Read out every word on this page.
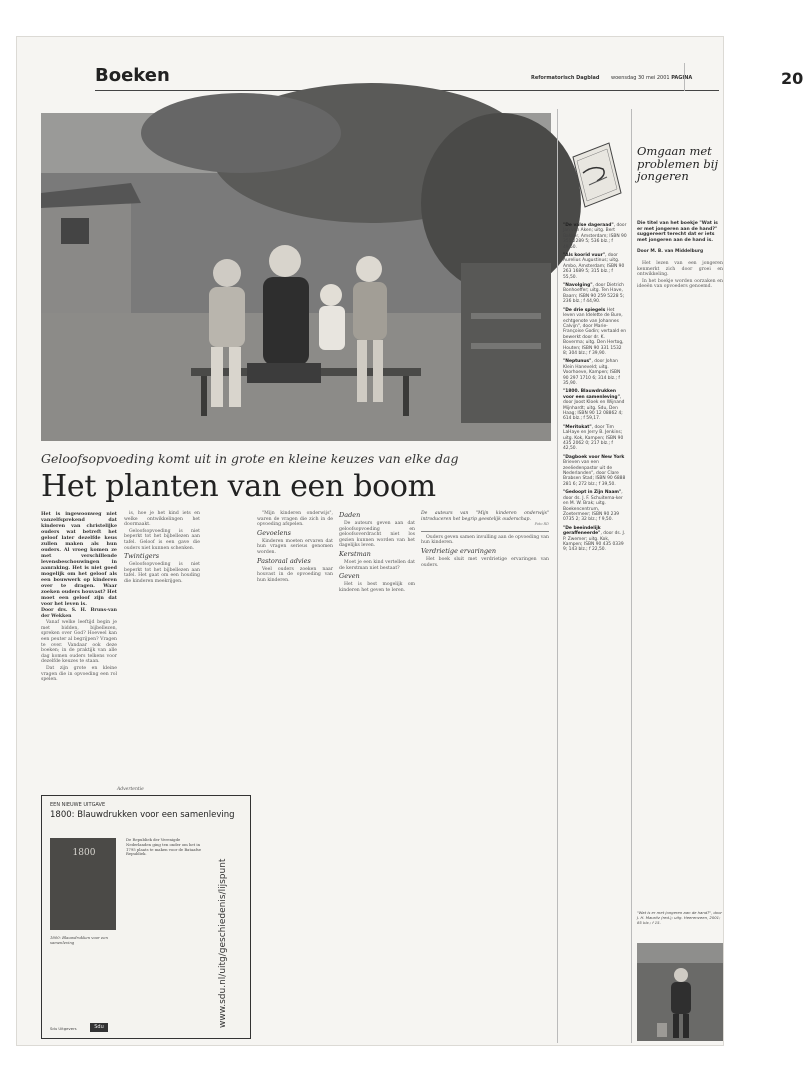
Boeken	Reformatorisch Dagblad woensdag 30 mei 2001 PAGINA	20
Geloofsopvoeding komt uit in grote en kleine keuzes van elke dag
Het planten van een boom

Het is ingewoonweg niet vanzelfsprekend dat kinderen van christelijke ouders wat betreft het geloof later dezelfde keus zullen maken als hun ouders. Al vroeg komen ze met verschillende levensbeschouwingen in aanraking. Het is niet goed mogelijk om het geloof als een bouwwerk op kinderen over te dragen. Waar zoeken ouders houvast? Het moet een geloof zijn dat voor het leven is.

Door drs. S. H. Bruns-van der Wekken

Vanaf welke leeftijd begin je met bidden, bijbellezen, spreken over God? Hoeveel kan een peuter al begrijpen? Vragen te over. Vandaar ook deze boeken; in de praktijk van alle dag komen ouders telkens voor dezelfde keuzes te staan.

Dat zijn grote en kleine vragen die in opvoeding een rol spelen.

is, hoe je het kind iets en welke ontwikkelingen het doormaakt.

Geloofsopvoeding is niet beperkt tot het bijbellezen aan tafel. Geloof is een gave die ouders niet kunnen schenken.

Twintigers

Geloofsopvoeding is niet beperkt tot het bijbellezen aan tafel. Het gaat om een houding die kinderen meekrijgen.

"Mijn kinderen onderwijs", waren de vragen die zich in de opvoeding afspelen.

Gevoelens

Kinderen moeten ervaren dat hun vragen serieus genomen worden.

Pastoraal advies

Veel ouders zoeken naar houvast in de opvoeding van hun kinderen.

Daden

De auteurs geven aan dat geloofsopvoeding en geloofsoverdracht niet los gezien kunnen worden van het dagelijks leven.

Kerstman

Moet je een kind vertellen dat de kerstman niet bestaat?

Geven

Het is best mogelijk om kinderen het geven te leren.

De auteurs van "Mijn kinderen onderwijs" introduceren het begrip geestelijk ouderschap.
Foto RD

Ouders geven samen invulling aan de opvoeding van hun kinderen.

Verdrietige ervaringen

Het boek sluit met verdrietige ervaringen van ouders.

Advertentie
EEN NIEUWE UITGAVE
1800: Blauwdrukken voor een samenleving
1800
1800: Blauwdrukken voor een samenleving
De Republiek der Verenigde Nederlanden ging ten onder om het in 1795 plaats te maken voor de Bataafse Republiek.
www.sdu.nl/uitg/geschiedenis/lijspunt
Sdu Uitgevers	Sdu
"De valse dageraad", door Jan van Aken; uitg. Bert Bakker, Amsterdam; ISBN 90 351 2289 5; 536 blz.; f 49,50.
"Als koorid vuur", door Aurelius Augustinus; uitg. Ambo, Amsterdam; ISBN 90 263 1689 5; 315 blz.; f 55,50.
"Navolging", door Dietrich Bonhoeffer; uitg. Ten Have, Baarn; ISBN 90 259 5228 5; 236 blz.; f 44,90.
"De drie spiegels Het leven van Idelette de Bure, echtgenote van Johannes Calvijn", door Marie-Françoise Godin; vertaald en bewerkt door dr. K. Boverma; uitg. Den Hertog, Houten; ISBN 90 331 1532 8; 304 blz.; f 39,90.
"Neptunus", door Johan Klein Haneveld; uitg. Voorhoeve, Kampen; ISBN 90 297 1710 6; 314 blz.; f 35,90.
"1800. Blauwdrukken voor een samenleving", door Joost Kloek en Wijnand Mijnhardt; uitg. Sdu, Den Haag; ISBN 90 12 08862 4; 614 blz.; f 59,17.
"Meritokat", door Tim LaHaye en Jerry B. Jenkins; uitg. Kok, Kampen; ISBN 90 435 2062 0; 217 blz.; f 42,50.
"Dagboek voor New York Brieven van een zeeliedenpastor uit de Nederlanden", door Clare Brabsen Stad; ISBN 90 6888 281 6; 272 blz.; f 39,50.
"Gedoopt in Zijn Naam", door ds. J. F. Schuitema-ker en M. W. Brak; uitg. Boekencentrum, Zoetermeer; ISBN 90 239 0735 2; 32 blz.; f 9,50.
"De beeindelijk geraffeneerde", door ds. J. P. Zwemer; uitg. Kok, Kampen; ISBN 90 435 0339 9; 143 blz.; f 22,50.
Omgaan met problemen bij jongeren
Die titel van het boekje "Wat is er met jongeren aan de hand?" suggereert terecht dat er iets met jongeren aan de hand is.
Door M. B. van Middelburg

Het lezen van een jongeren kenmerkt zich door groei en ontwikkeling.

In het boekje worden oorzaken en ideeën van opvoeders genoemd.

"Wat is er met jongeren aan de hand?", door J. H. Mauritz (red.); uitg. Heerenveen, 2001; 85 blz.; f 15.
